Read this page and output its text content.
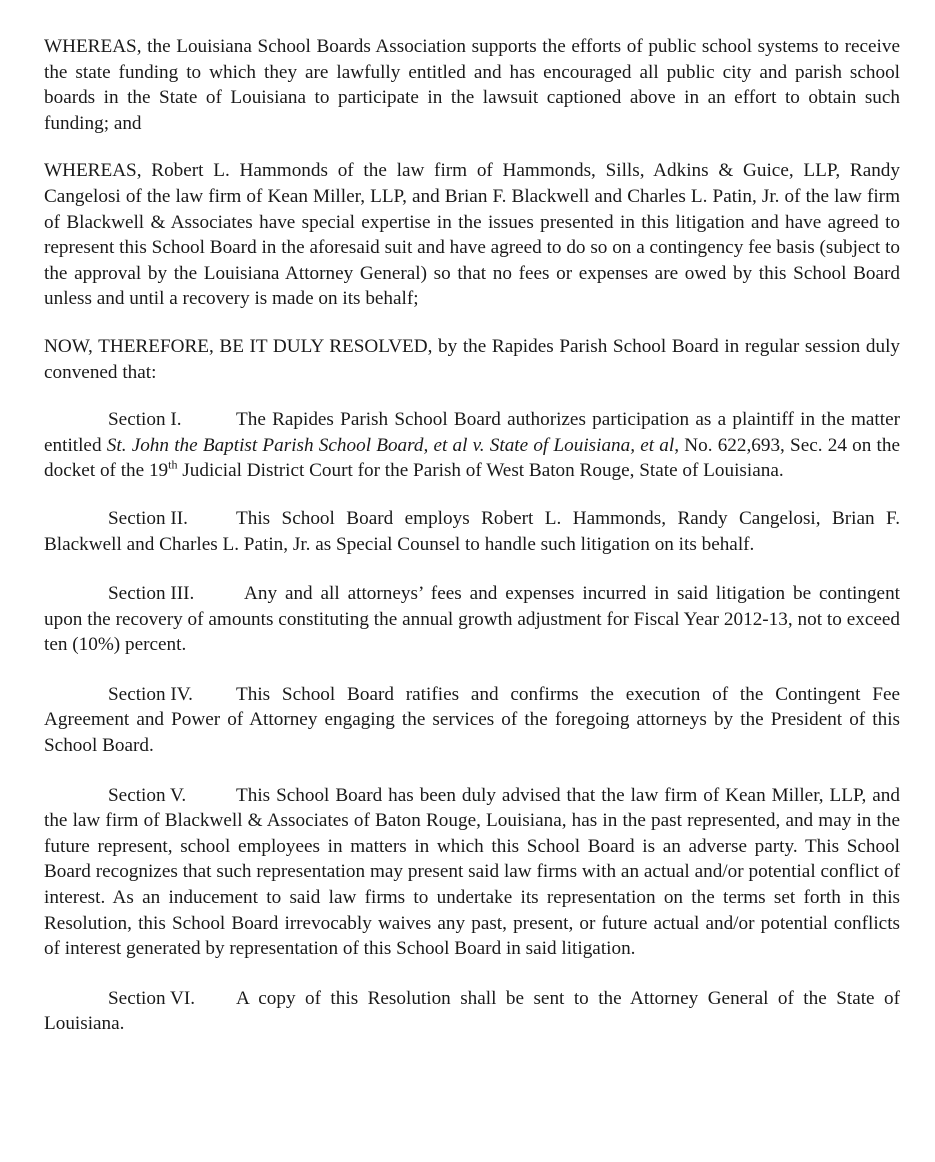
WHEREAS, the Louisiana School Boards Association supports the efforts of public school systems to receive the state funding to which they are lawfully entitled and has encouraged all public city and parish school boards in the State of Louisiana to participate in the lawsuit captioned above in an effort to obtain such funding; and

WHEREAS, Robert L. Hammonds of the law firm of Hammonds, Sills, Adkins & Guice, LLP, Randy Cangelosi of the law firm of Kean Miller, LLP, and Brian F. Blackwell and Charles L. Patin, Jr. of the law firm of Blackwell & Associates have special expertise in the issues presented in this litigation and have agreed to represent this School Board in the aforesaid suit and have agreed to do so on a contingency fee basis (subject to the approval by the Louisiana Attorney General) so that no fees or expenses are owed by this School Board unless and until a recovery is made on its behalf;

NOW, THEREFORE, BE IT DULY RESOLVED, by the Rapides Parish School Board in regular session duly convened that:

Section I.	The Rapides Parish School Board authorizes participation as a plaintiff in the matter entitled St. John the Baptist Parish School Board, et al v. State of Louisiana, et al, No. 622,693, Sec. 24 on the docket of the 19th Judicial District Court for the Parish of West Baton Rouge, State of Louisiana.

Section II.	This School Board employs Robert L. Hammonds, Randy Cangelosi, Brian F. Blackwell and Charles L. Patin, Jr. as Special Counsel to handle such litigation on its behalf.

Section III.	Any and all attorneys’ fees and expenses incurred in said litigation be contingent upon the recovery of amounts constituting the annual growth adjustment for Fiscal Year 2012-13, not to exceed ten (10%) percent.

Section IV. This School Board ratifies and confirms the execution of the Contingent Fee Agreement and Power of Attorney engaging the services of the foregoing attorneys by the President of this School Board.

Section V.	This School Board has been duly advised that the law firm of Kean Miller, LLP, and the law firm of Blackwell & Associates of Baton Rouge, Louisiana, has in the past represented, and may in the future represent, school employees in matters in which this School Board is an adverse party. This School Board recognizes that such representation may present said law firms with an actual and/or potential conflict of interest. As an inducement to said law firms to undertake its representation on the terms set forth in this Resolution, this School Board irrevocably waives any past, present, or future actual and/or potential conflicts of interest generated by representation of this School Board in said litigation.

Section VI. A copy of this Resolution shall be sent to the Attorney General of the State of Louisiana.
